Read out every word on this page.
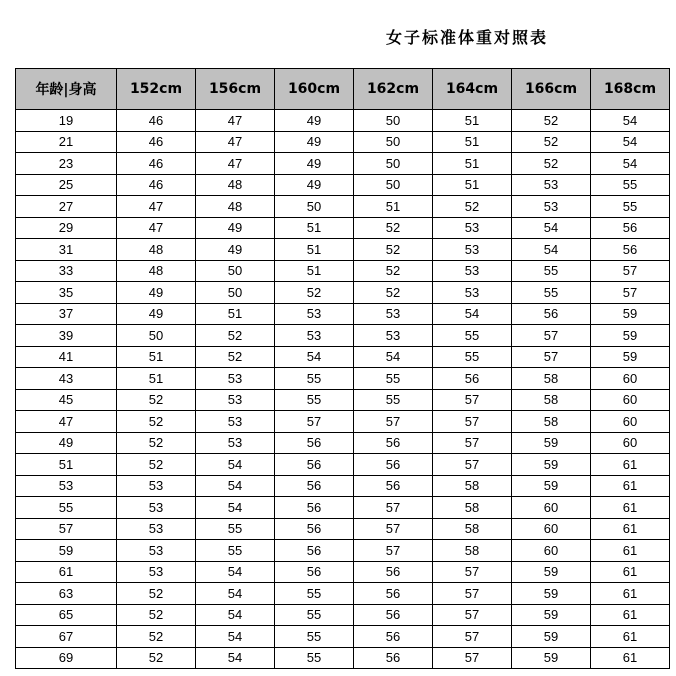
女子标准体重对照表
年龄|身高	152cm	156cm	160cm	162cm	164cm	166cm	168cm
19	46	47	49	50	51	52	54
21	46	47	49	50	51	52	54
23	46	47	49	50	51	52	54
25	46	48	49	50	51	53	55
27	47	48	50	51	52	53	55
29	47	49	51	52	53	54	56
31	48	49	51	52	53	54	56
33	48	50	51	52	53	55	57
35	49	50	52	52	53	55	57
37	49	51	53	53	54	56	59
39	50	52	53	53	55	57	59
41	51	52	54	54	55	57	59
43	51	53	55	55	56	58	60
45	52	53	55	55	57	58	60
47	52	53	57	57	57	58	60
49	52	53	56	56	57	59	60
51	52	54	56	56	57	59	61
53	53	54	56	56	58	59	61
55	53	54	56	57	58	60	61
57	53	55	56	57	58	60	61
59	53	55	56	57	58	60	61
61	53	54	56	56	57	59	61
63	52	54	55	56	57	59	61
65	52	54	55	56	57	59	61
67	52	54	55	56	57	59	61
69	52	54	55	56	57	59	61
